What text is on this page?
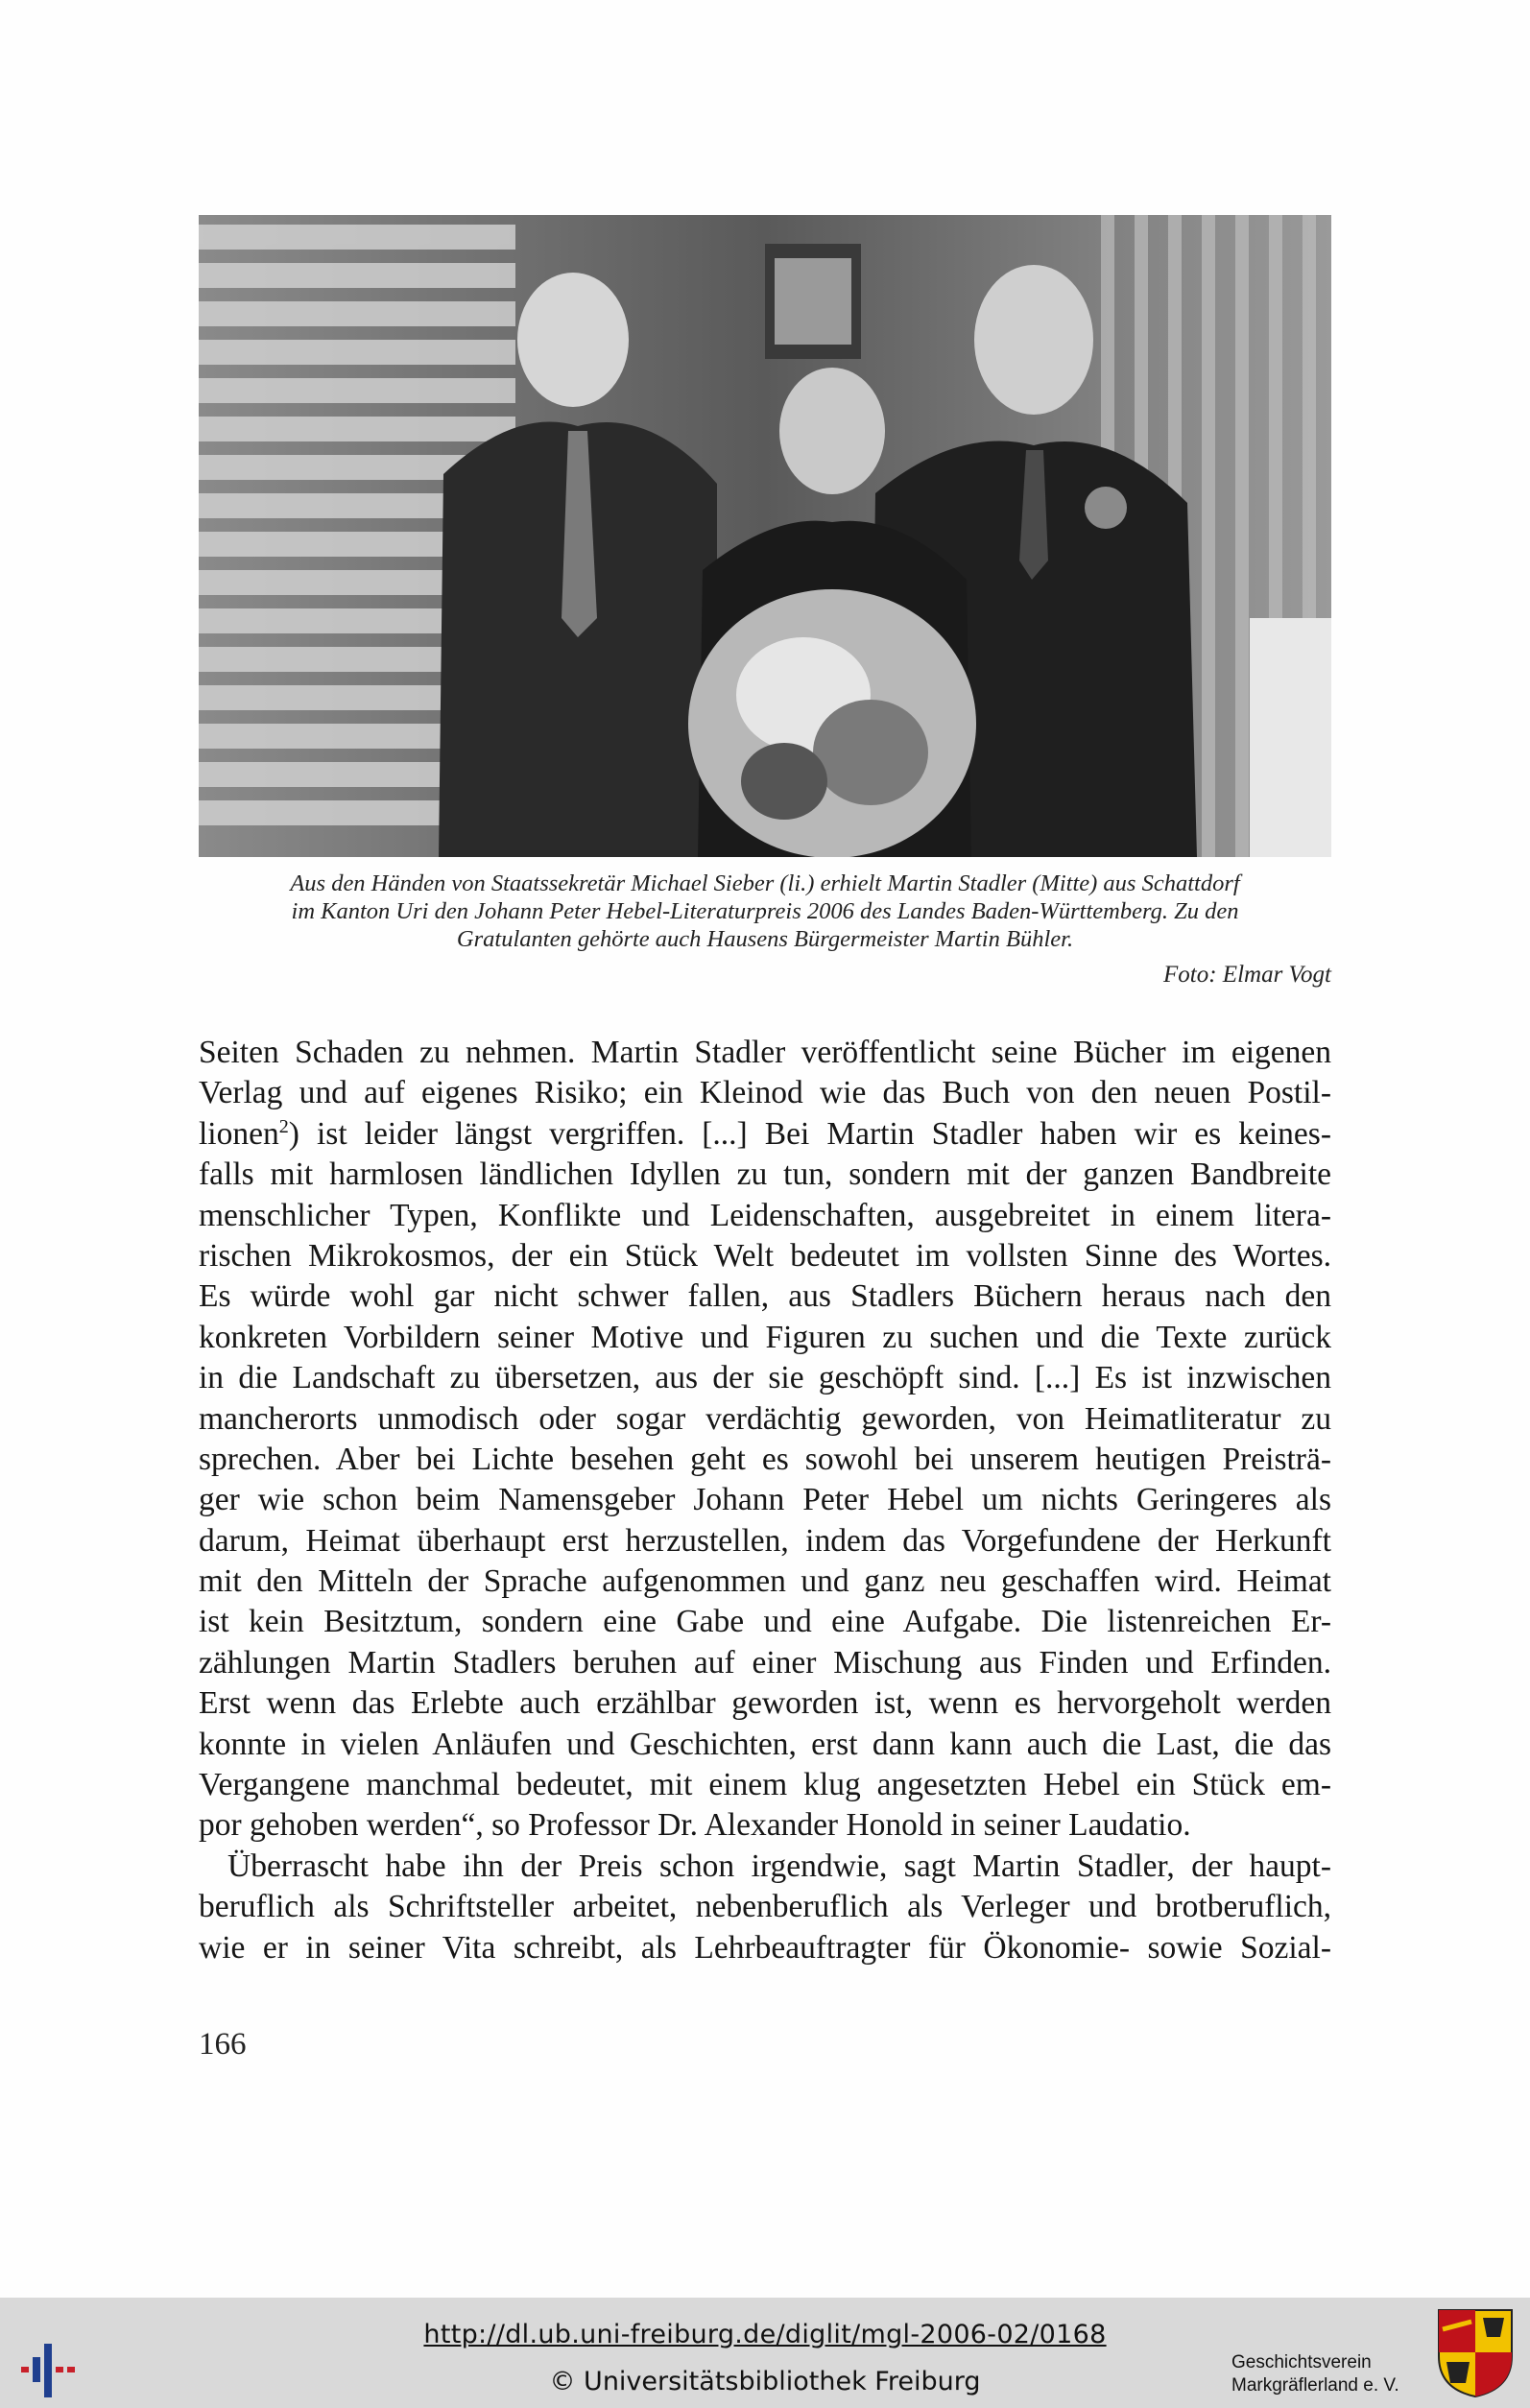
Aus den Händen von Staatssekretär Michael Sieber (li.) erhielt Martin Stadler (Mitte) aus Schattdorf
im Kanton Uri den Johann Peter Hebel-Literaturpreis 2006 des Landes Baden-Württemberg. Zu den
Gratulanten gehörte auch Hausens Bürgermeister Martin Bühler.
Foto: Elmar Vogt
Seiten Schaden zu nehmen. Martin Stadler veröffentlicht seine Bücher im eigenen
Verlag und auf eigenes Risiko; ein Kleinod wie das Buch von den neuen Postil-
lionen$^2$) ist leider längst vergriffen. [...] Bei Martin Stadler haben wir es keines-
falls mit harmlosen ländlichen Idyllen zu tun, sondern mit der ganzen Bandbreite
menschlicher Typen, Konflikte und Leidenschaften, ausgebreitet in einem litera-
rischen Mikrokosmos, der ein Stück Welt bedeutet im vollsten Sinne des Wortes.
Es würde wohl gar nicht schwer fallen, aus Stadlers Büchern heraus nach den
konkreten Vorbildern seiner Motive und Figuren zu suchen und die Texte zurück
in die Landschaft zu übersetzen, aus der sie geschöpft sind. [...] Es ist inzwischen
mancherorts unmodisch oder sogar verdächtig geworden, von Heimatliteratur zu
sprechen. Aber bei Lichte besehen geht es sowohl bei unserem heutigen Preisträ-
ger wie schon beim Namensgeber Johann Peter Hebel um nichts Geringeres als
darum, Heimat überhaupt erst herzustellen, indem das Vorgefundene der Herkunft
mit den Mitteln der Sprache aufgenommen und ganz neu geschaffen wird. Heimat
ist kein Besitztum, sondern eine Gabe und eine Aufgabe. Die listenreichen Er-
zählungen Martin Stadlers beruhen auf einer Mischung aus Finden und Erfinden.
Erst wenn das Erlebte auch erzählbar geworden ist, wenn es hervorgeholt werden
konnte in vielen Anläufen und Geschichten, erst dann kann auch die Last, die das
Vergangene manchmal bedeutet, mit einem klug angesetzten Hebel ein Stück em-
por gehoben werden“, so Professor Dr. Alexander Honold in seiner Laudatio.
Überrascht habe ihn der Preis schon irgendwie, sagt Martin Stadler, der haupt-
beruflich als Schriftsteller arbeitet, nebenberuflich als Verleger und brotberuflich,
wie er in seiner Vita schreibt, als Lehrbeauftragter für Ökonomie- sowie Sozial-
166
http://dl.ub.uni-freiburg.de/diglit/mgl-2006-02/0168
© Universitätsbibliothek Freiburg
Geschichtsverein
Markgräflerland e. V.
